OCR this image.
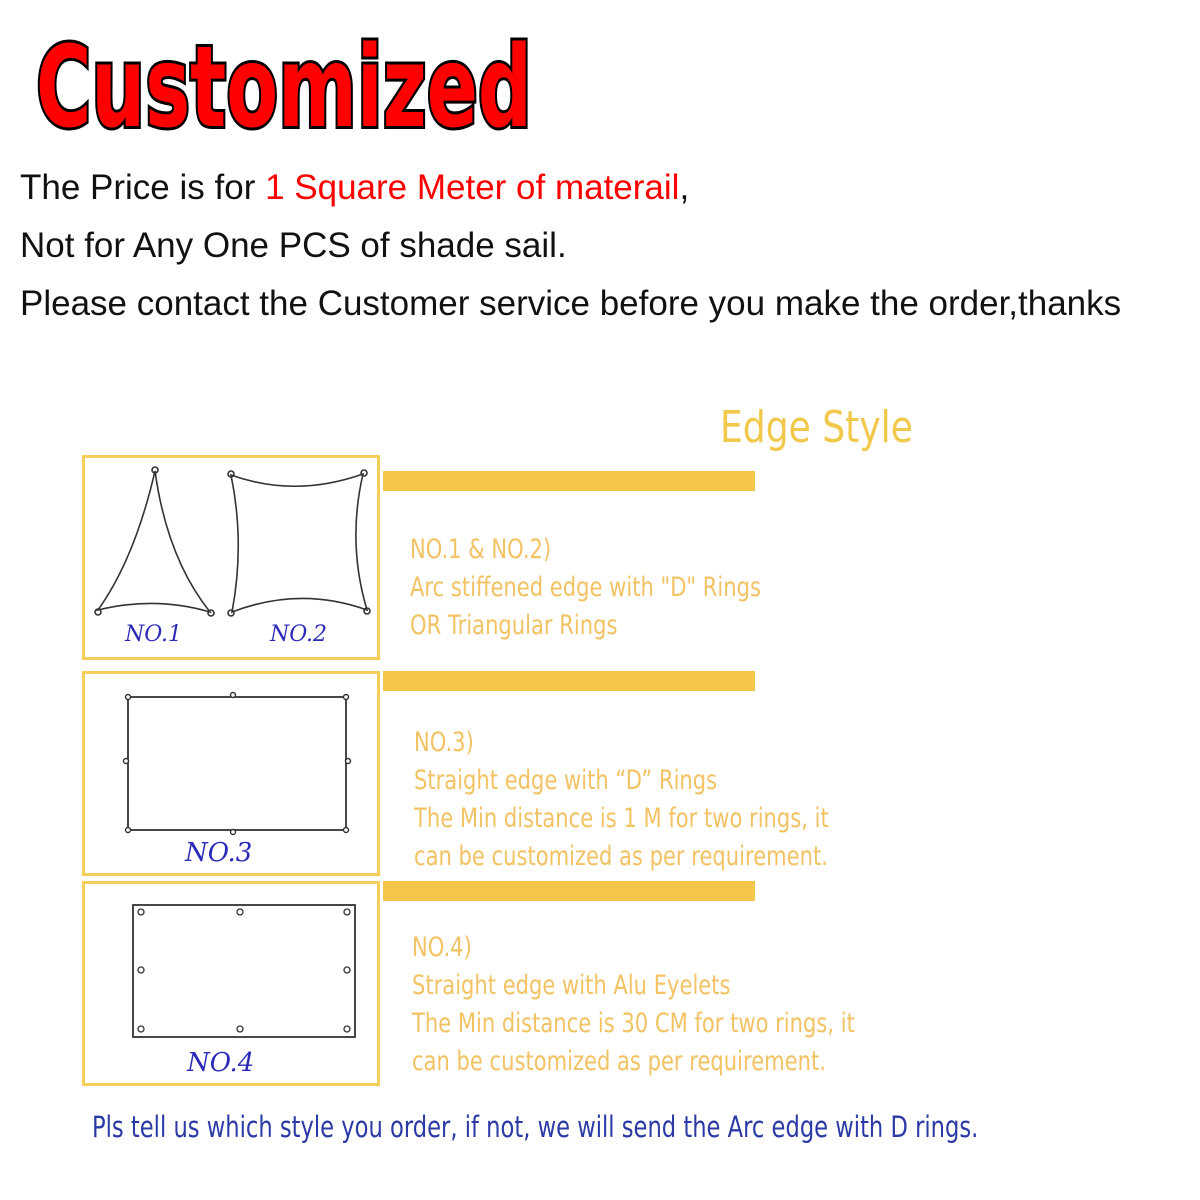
Customized
The Price is for 1 Square Meter of materail,
Not for Any One PCS of shade sail.
Please contact the Customer service before you make the order,thanks
Edge Style
NO.1	NO.2
NO.1 & NO.2)
Arc stiffened edge with "D" Rings
OR Triangular Rings
NO.3
NO.3)
Straight edge with “D” Rings
The Min distance is 1 M for two rings, it
can be customized as per requirement.
NO.4
NO.4)
Straight edge with Alu Eyelets
The Min distance is 30 CM for two rings, it
can be customized as per requirement.
Pls tell us which style you order, if not, we will send the Arc edge with D rings.
